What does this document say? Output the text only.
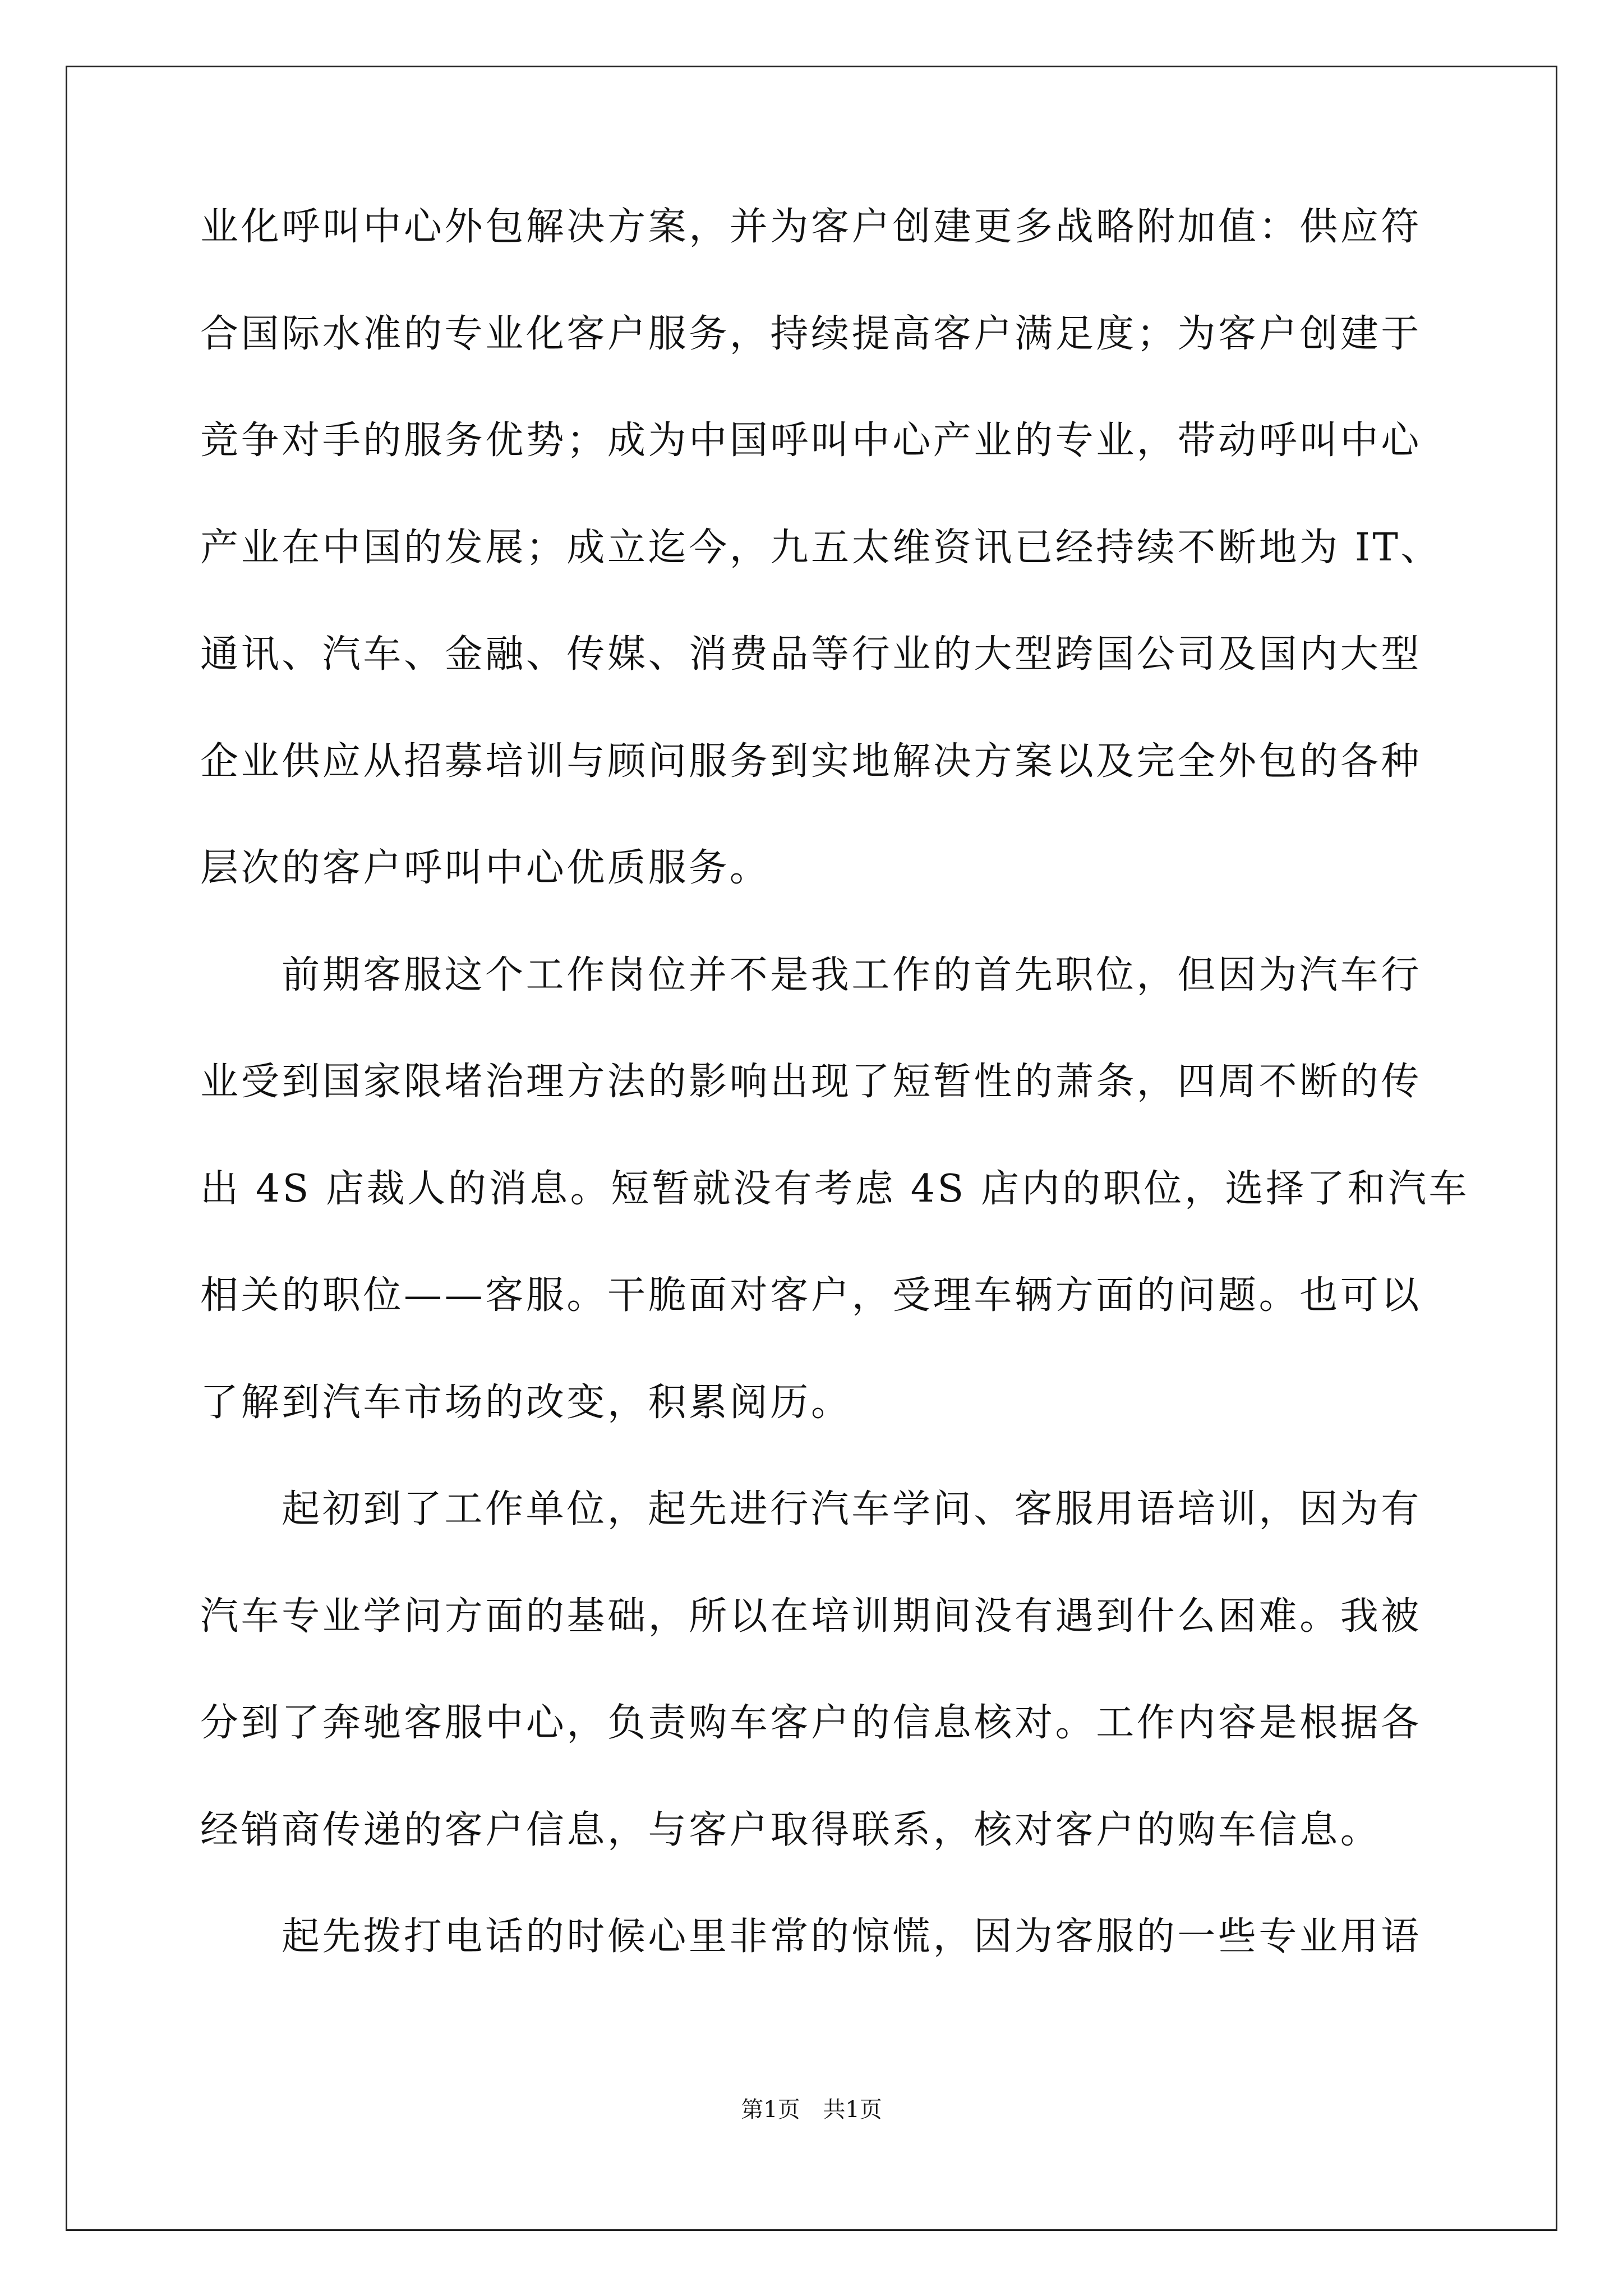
业化呼叫中心外包解决方案，并为客户创建更多战略附加值：供应符
合国际水准的专业化客户服务，持续提高客户满足度；为客户创建于
竞争对手的服务优势；成为中国呼叫中心产业的专业，带动呼叫中心
产业在中国的发展；成立迄今，九五太维资讯已经持续不断地为 IT、
通讯、汽车、金融、传媒、消费品等行业的大型跨国公司及国内大型
企业供应从招募培训与顾问服务到实地解决方案以及完全外包的各种
层次的客户呼叫中心优质服务。
前期客服这个工作岗位并不是我工作的首先职位，但因为汽车行
业受到国家限堵治理方法的影响出现了短暂性的萧条，四周不断的传
出 4S 店裁人的消息。短暂就没有考虑 4S 店内的职位，选择了和汽车
相关的职位——客服。干脆面对客户，受理车辆方面的问题。也可以
了解到汽车市场的改变，积累阅历。
起初到了工作单位，起先进行汽车学问、客服用语培训，因为有
汽车专业学问方面的基础，所以在培训期间没有遇到什么困难。我被
分到了奔驰客服中心，负责购车客户的信息核对。工作内容是根据各
经销商传递的客户信息，与客户取得联系，核对客户的购车信息。
起先拨打电话的时候心里非常的惊慌，因为客服的一些专业用语
第1页 共1页
